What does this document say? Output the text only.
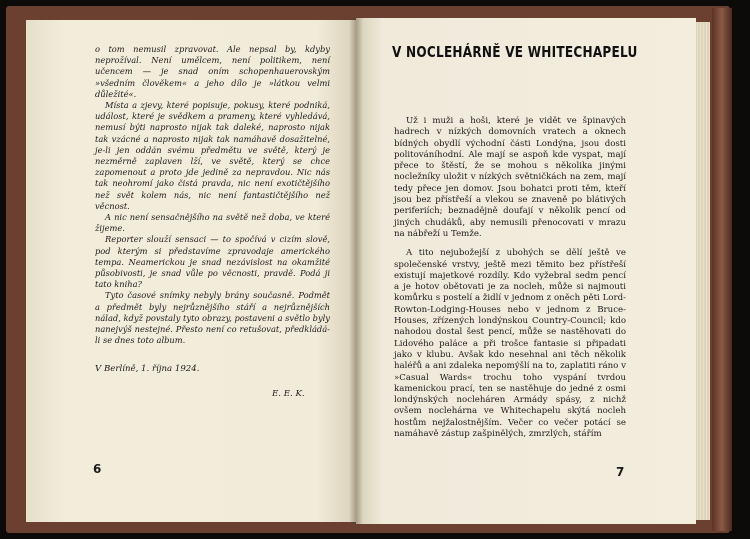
o tom nemusil zpravovat. Ale nepsal by, kdyby neprožíval. Není umělcem, není politikem, není učencem — je snad oním schopenhauerovským »všedním člověkem« a jeho dílo je »látkou velmi důležité«.

Místa a zjevy, které popisuje, pokusy, které podniká, událost, které je svědkem a prameny, které vyhledává, nemusí býti naprosto nijak tak daleké, naprosto nijak tak vzácné a naprosto nijak tak namáhavě dosažitelné, je-li jen oddán svému předmětu ve světě, který je nezměrně zaplaven lží, ve světě, který se chce zapomenout a proto jde jedině za nepravdou. Nic nás tak neohromí jako čistá pravda, nic není exotičtějšího než svět kolem nás, nic není fantastičtějšího než věcnost.

A nic není sensačnějšího na světě než doba, ve které žijeme.

Reporter slouží sensaci — to spočívá v cizím slově, pod kterým si představíme zpravodaje amerického tempa. Neamerickou je snad nezávislost na okamžité působivosti, je snad vůle po věcnosti, pravdě. Podá ji tato kniha?

Tyto časové snímky nebyly brány současně. Podmět a předmět byly nejrůznějšího stáří a nejrůznějších nálad, když povstaly tyto obrazy, postaveni a světlo byly nanejvýš nestejné. Přesto není co retušovat, předkládá-li se dnes toto album.

V Berlíně, 1. října 1924.
E. E. K.
6
V NOCLEHÁRNĚ VE WHITECHAPELU

Už i muži a hoši, které je vidět ve špinavých hadrech v nízkých domovních vratech a oknech bídných obydlí východní části Londýna, jsou dosti politováníhodní. Ale mají se aspoň kde vyspat, mají přece to štěstí, že se mohou s několika jinými nocležníky uložit v nízkých světničkách na zem, mají tedy přece jen domov. Jsou bohatci proti těm, kteří jsou bez přístřeší a vlekou se znaveně po blátivých periferiích; beznadějně doufají v několik pencí od jiných chudáků, aby nemusili přenocovati v mrazu na nábřeží u Temže.

A tito nejubožejší z ubohých se dělí ještě ve společenské vrstvy, ještě mezi těmito bez přístřeší existují majetkové rozdíly. Kdo vyžebral sedm pencí a je hotov obětovati je za nocleh, může si najmouti komůrku s postelí a židlí v jednom z oněch pěti Lord-Rowton-Lodging-Houses nebo v jednom z Bruce-Houses, zřízených londýnskou Country-Council; kdo nahodou dostal šest pencí, může se nastěhovati do Lidového paláce a při trošce fantasie si připadati jako v klubu. Avšak kdo nesehnal ani těch několik haléřů a ani zdaleka nepomýšlí na to, zaplatiti ráno v »Casual Wards« trochu toho vyspání tvrdou kamenickou prací, ten se nastěhuje do jedné z osmi londýnských nocleháren Armády spásy, z nichž ovšem noclehárna ve Whitechapelu skýtá nocleh hostům nejžalostnějším. Večer co večer potácí se namáhavě zástup zašpinělých, zmrzlých, stářím

7
